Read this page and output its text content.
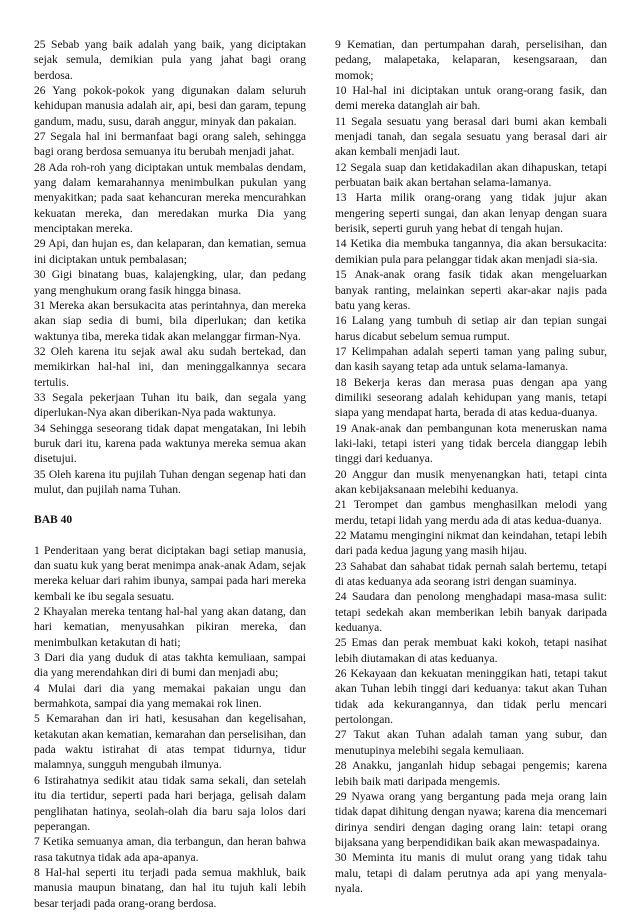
25 Sebab yang baik adalah yang baik, yang diciptakan sejak semula, demikian pula yang jahat bagi orang berdosa.

26 Yang pokok-pokok yang digunakan dalam seluruh kehidupan manusia adalah air, api, besi dan garam, tepung gandum, madu, susu, darah anggur, minyak dan pakaian.

27 Segala hal ini bermanfaat bagi orang saleh, sehingga bagi orang berdosa semuanya itu berubah menjadi jahat.

28 Ada roh-roh yang diciptakan untuk membalas dendam, yang dalam kemarahannya menimbulkan pukulan yang menyakitkan; pada saat kehancuran mereka mencurahkan kekuatan mereka, dan meredakan murka Dia yang menciptakan mereka.

29 Api, dan hujan es, dan kelaparan, dan kematian, semua ini diciptakan untuk pembalasan;

30 Gigi binatang buas, kalajengking, ular, dan pedang yang menghukum orang fasik hingga binasa.

31 Mereka akan bersukacita atas perintahnya, dan mereka akan siap sedia di bumi, bila diperlukan; dan ketika waktunya tiba, mereka tidak akan melanggar firman-Nya.

32 Oleh karena itu sejak awal aku sudah bertekad, dan memikirkan hal-hal ini, dan meninggalkannya secara tertulis.

33 Segala pekerjaan Tuhan itu baik, dan segala yang diperlukan-Nya akan diberikan-Nya pada waktunya.

34 Sehingga seseorang tidak dapat mengatakan, Ini lebih buruk dari itu, karena pada waktunya mereka semua akan disetujui.

35 Oleh karena itu pujilah Tuhan dengan segenap hati dan mulut, dan pujilah nama Tuhan.

BAB 40

1 Penderitaan yang berat diciptakan bagi setiap manusia, dan suatu kuk yang berat menimpa anak-anak Adam, sejak mereka keluar dari rahim ibunya, sampai pada hari mereka kembali ke ibu segala sesuatu.

2 Khayalan mereka tentang hal-hal yang akan datang, dan hari kematian, menyusahkan pikiran mereka, dan menimbulkan ketakutan di hati;

3 Dari dia yang duduk di atas takhta kemuliaan, sampai dia yang merendahkan diri di bumi dan menjadi abu;

4 Mulai dari dia yang memakai pakaian ungu dan bermahkota, sampai dia yang memakai rok linen.

5 Kemarahan dan iri hati, kesusahan dan kegelisahan, ketakutan akan kematian, kemarahan dan perselisihan, dan pada waktu istirahat di atas tempat tidurnya, tidur malamnya, sungguh mengubah ilmunya.

6 Istirahatnya sedikit atau tidak sama sekali, dan setelah itu dia tertidur, seperti pada hari berjaga, gelisah dalam penglihatan hatinya, seolah-olah dia baru saja lolos dari peperangan.

7 Ketika semuanya aman, dia terbangun, dan heran bahwa rasa takutnya tidak ada apa-apanya.

8 Hal-hal seperti itu terjadi pada semua makhluk, baik manusia maupun binatang, dan hal itu tujuh kali lebih besar terjadi pada orang-orang berdosa.

9 Kematian, dan pertumpahan darah, perselisihan, dan pedang, malapetaka, kelaparan, kesengsaraan, dan momok;

10 Hal-hal ini diciptakan untuk orang-orang fasik, dan demi mereka datanglah air bah.

11 Segala sesuatu yang berasal dari bumi akan kembali menjadi tanah, dan segala sesuatu yang berasal dari air akan kembali menjadi laut.

12 Segala suap dan ketidakadilan akan dihapuskan, tetapi perbuatan baik akan bertahan selama-lamanya.

13 Harta milik orang-orang yang tidak jujur akan mengering seperti sungai, dan akan lenyap dengan suara berisik, seperti guruh yang hebat di tengah hujan.

14 Ketika dia membuka tangannya, dia akan bersukacita: demikian pula para pelanggar tidak akan menjadi sia-sia.

15 Anak-anak orang fasik tidak akan mengeluarkan banyak ranting, melainkan seperti akar-akar najis pada batu yang keras.

16 Lalang yang tumbuh di setiap air dan tepian sungai harus dicabut sebelum semua rumput.

17 Kelimpahan adalah seperti taman yang paling subur, dan kasih sayang tetap ada untuk selama-lamanya.

18 Bekerja keras dan merasa puas dengan apa yang dimiliki seseorang adalah kehidupan yang manis, tetapi siapa yang mendapat harta, berada di atas kedua-duanya.

19 Anak-anak dan pembangunan kota meneruskan nama laki-laki, tetapi isteri yang tidak bercela dianggap lebih tinggi dari keduanya.

20 Anggur dan musik menyenangkan hati, tetapi cinta akan kebijaksanaan melebihi keduanya.

21 Terompet dan gambus menghasilkan melodi yang merdu, tetapi lidah yang merdu ada di atas kedua-duanya.

22 Matamu mengingini nikmat dan keindahan, tetapi lebih dari pada kedua jagung yang masih hijau.

23 Sahabat dan sahabat tidak pernah salah bertemu, tetapi di atas keduanya ada seorang istri dengan suaminya.

24 Saudara dan penolong menghadapi masa-masa sulit: tetapi sedekah akan memberikan lebih banyak daripada keduanya.

25 Emas dan perak membuat kaki kokoh, tetapi nasihat lebih diutamakan di atas keduanya.

26 Kekayaan dan kekuatan meninggikan hati, tetapi takut akan Tuhan lebih tinggi dari keduanya: takut akan Tuhan tidak ada kekurangannya, dan tidak perlu mencari pertolongan.

27 Takut akan Tuhan adalah taman yang subur, dan menutupinya melebihi segala kemuliaan.

28 Anakku, janganlah hidup sebagai pengemis; karena lebih baik mati daripada mengemis.

29 Nyawa orang yang bergantung pada meja orang lain tidak dapat dihitung dengan nyawa; karena dia mencemari dirinya sendiri dengan daging orang lain: tetapi orang bijaksana yang berpendidikan baik akan mewaspadainya.

30 Meminta itu manis di mulut orang yang tidak tahu malu, tetapi di dalam perutnya ada api yang menyala-nyala.
